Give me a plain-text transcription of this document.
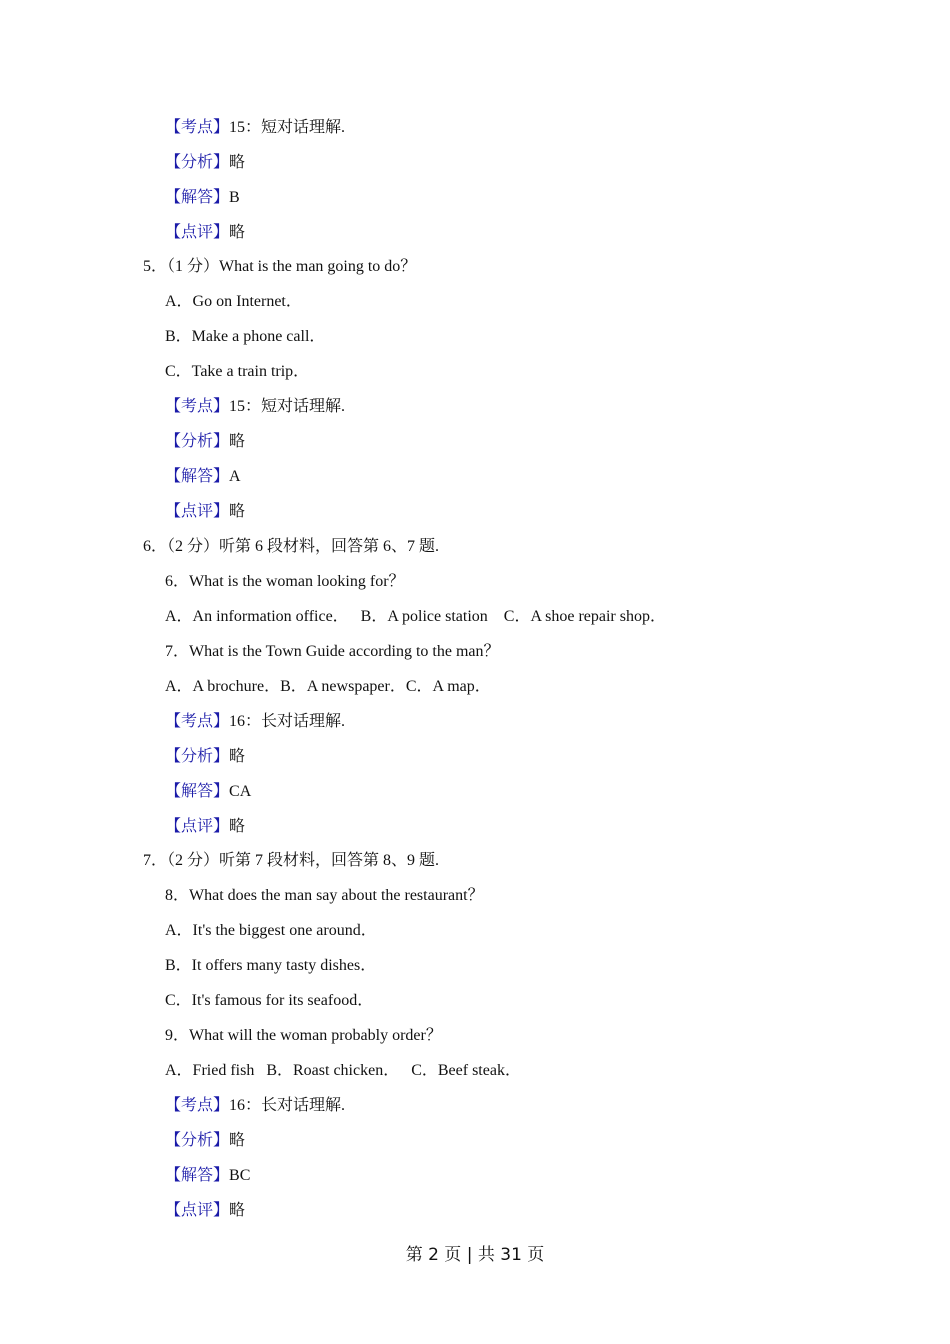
【考点】15：短对话理解.
【分析】略
【解答】B
【点评】略
5．（1 分）What is the man going to do？
A．Go on Internet．
B．Make a phone call．
C．Take a train trip．
【考点】15：短对话理解.
【分析】略
【解答】A
【点评】略
6．（2 分）听第 6 段材料，回答第 6、7 题.
6．What is the woman looking for？
A．An information office．   B．A police station    C．A shoe repair shop．
7．What is the Town Guide according to the man？
A．A brochure．B．A newspaper．C．A map．
【考点】16：长对话理解.
【分析】略
【解答】CA
【点评】略
7．（2 分）听第 7 段材料，回答第 8、9 题.
8．What does the man say about the restaurant？
A．It's the biggest one around．
B．It offers many tasty dishes．
C．It's famous for its seafood．
9．What will the woman probably order？
A．Fried fish   B．Roast chicken．   C．Beef steak．
【考点】16：长对话理解.
【分析】略
【解答】BC
【点评】略
第 2 页 | 共 31 页
